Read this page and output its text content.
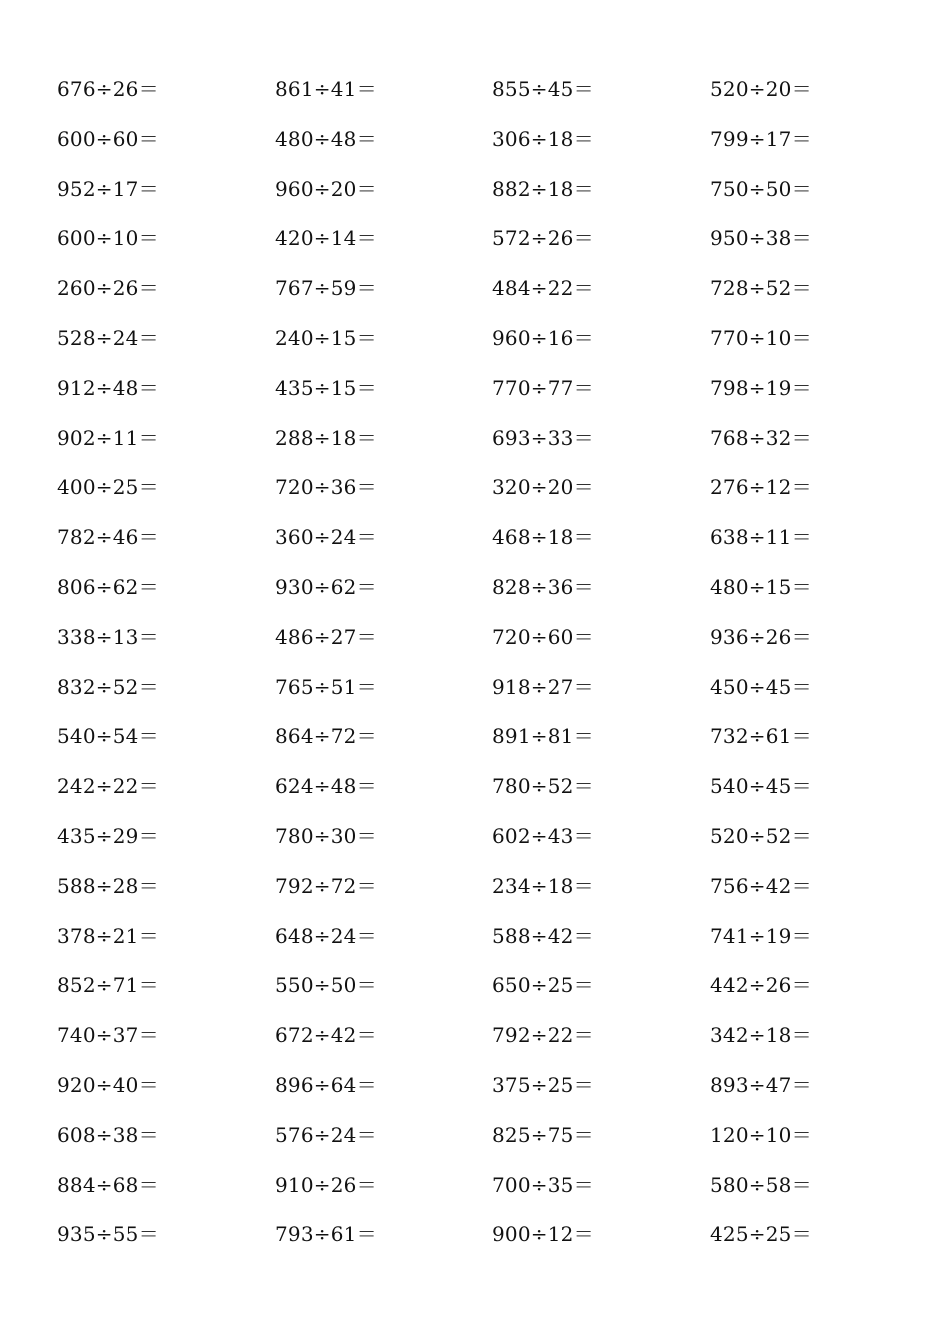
676÷26＝	861÷41＝	855÷45＝	520÷20＝
600÷60＝	480÷48＝	306÷18＝	799÷17＝
952÷17＝	960÷20＝	882÷18＝	750÷50＝
600÷10＝	420÷14＝	572÷26＝	950÷38＝
260÷26＝	767÷59＝	484÷22＝	728÷52＝
528÷24＝	240÷15＝	960÷16＝	770÷10＝
912÷48＝	435÷15＝	770÷77＝	798÷19＝
902÷11＝	288÷18＝	693÷33＝	768÷32＝
400÷25＝	720÷36＝	320÷20＝	276÷12＝
782÷46＝	360÷24＝	468÷18＝	638÷11＝
806÷62＝	930÷62＝	828÷36＝	480÷15＝
338÷13＝	486÷27＝	720÷60＝	936÷26＝
832÷52＝	765÷51＝	918÷27＝	450÷45＝
540÷54＝	864÷72＝	891÷81＝	732÷61＝
242÷22＝	624÷48＝	780÷52＝	540÷45＝
435÷29＝	780÷30＝	602÷43＝	520÷52＝
588÷28＝	792÷72＝	234÷18＝	756÷42＝
378÷21＝	648÷24＝	588÷42＝	741÷19＝
852÷71＝	550÷50＝	650÷25＝	442÷26＝
740÷37＝	672÷42＝	792÷22＝	342÷18＝
920÷40＝	896÷64＝	375÷25＝	893÷47＝
608÷38＝	576÷24＝	825÷75＝	120÷10＝
884÷68＝	910÷26＝	700÷35＝	580÷58＝
935÷55＝	793÷61＝	900÷12＝	425÷25＝
